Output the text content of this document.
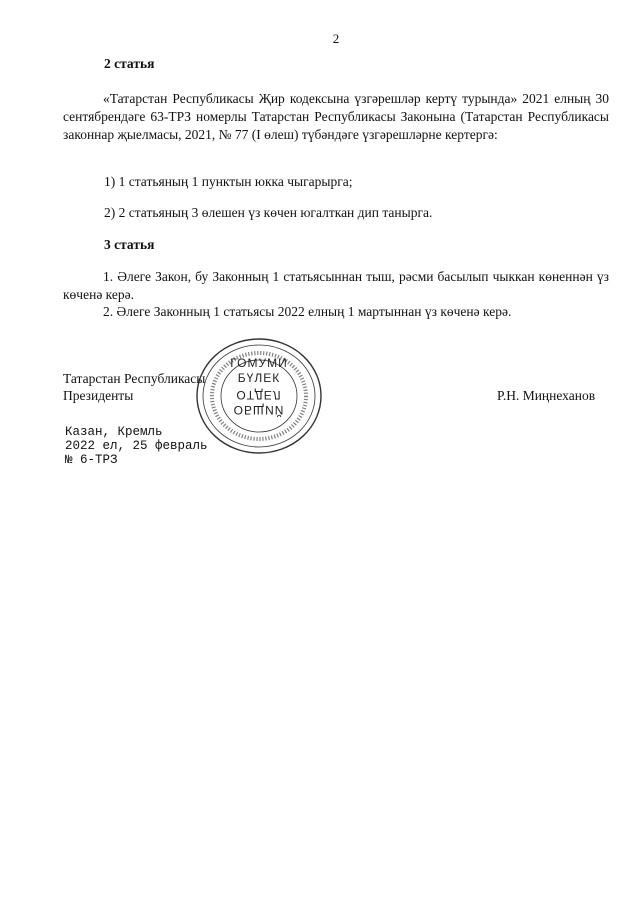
2
2 статья
«Татарстан Республикасы Җир кодексына үзгәрешләр кертү турында» 2021 елның 30 сентябрендәге 63-ТРЗ номерлы Татарстан Республикасы Законына (Татарстан Республикасы законнар җыелмасы, 2021, № 77 (I өлеш) түбәндәге үзгәрешләрне кертергә:
1) 1 статьяның 1 пунктын юкка чыгарырга;
2) 2 статьяның 3 өлешен үз көчен югалткан дип танырга.
3 статья
1. Әлеге Закон, бу Законның 1 статьясыннан тыш, рәсми басылып чыккан көненнән үз көченә керә.
2. Әлеге Законның 1 статьясы 2022 елның 1 мартыннан үз көченә керә.
ГОМУМИ
БҮЛЕК
ОТДЕЛ
ОБЩИЙ
Татарстан Республикасы
Президенты	Р.Н. Миңнеханов
Казан, Кремль
2022 ел, 25 февраль
№ 6-ТРЗ
